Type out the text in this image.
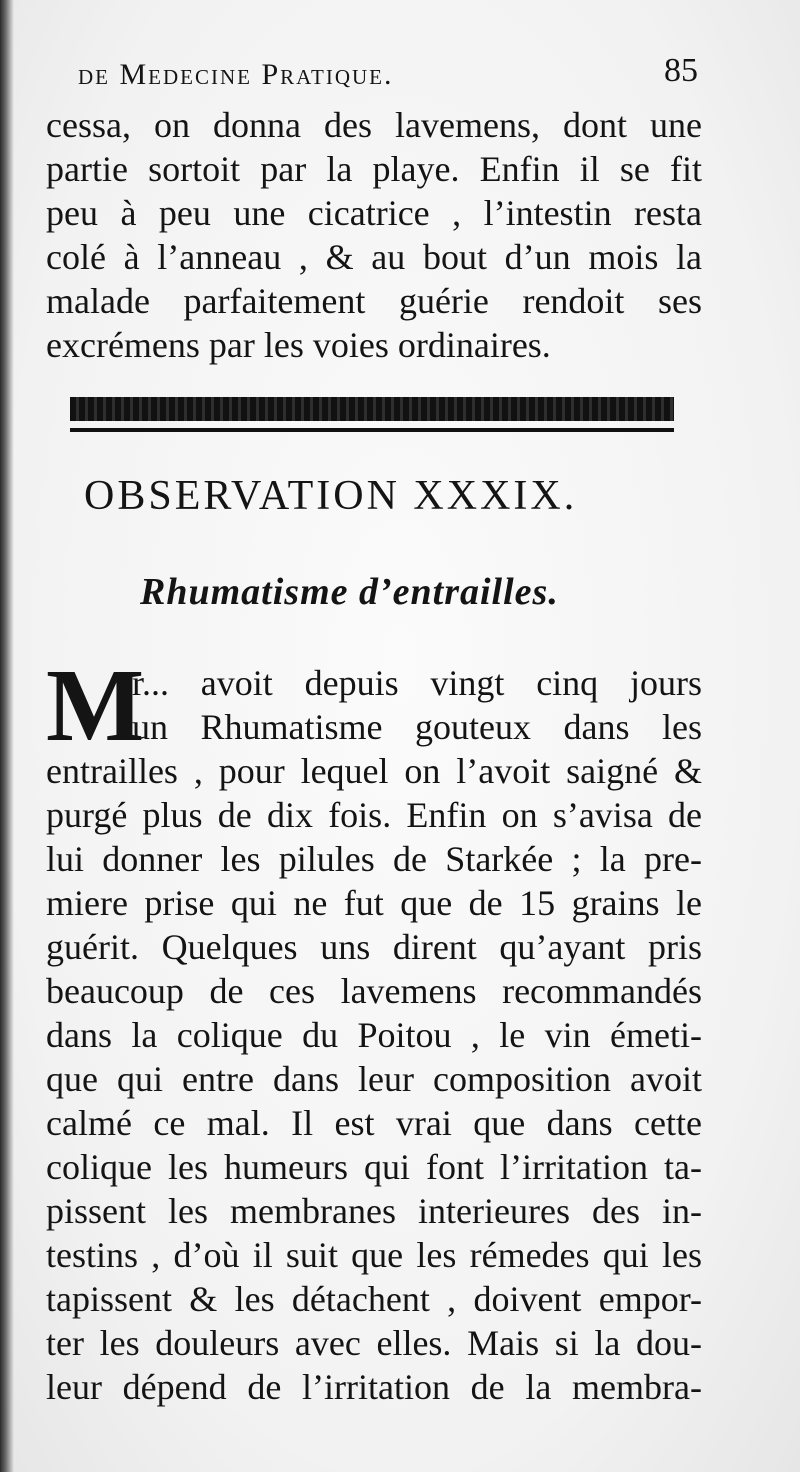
de Medecine Pratique.	85
cessa, on donna des lavemens, dont une
partie sortoit par la playe. Enfin il se fit
peu à peu une cicatrice , l’intestin resta
colé à l’anneau , & au bout d’un mois la
malade parfaitement guérie rendoit ses
excrémens par les voies ordinaires.
OBSERVATION XXXIX.
Rhumatisme d’entrailles.
M
r... avoit depuis vingt cinq jours
un Rhumatisme gouteux dans les
entrailles , pour lequel on l’avoit saigné &
purgé plus de dix fois. Enfin on s’avisa de
lui donner les pilules de Starkée ; la pre-
miere prise qui ne fut que de 15 grains le
guérit. Quelques uns dirent qu’ayant pris
beaucoup de ces lavemens recommandés
dans la colique du Poitou , le vin émeti-
que qui entre dans leur composition avoit
calmé ce mal. Il est vrai que dans cette
colique les humeurs qui font l’irritation ta-
pissent les membranes interieures des in-
testins , d’où il suit que les rémedes qui les
tapissent & les détachent , doivent empor-
ter les douleurs avec elles. Mais si la dou-
leur dépend de l’irritation de la membra-
